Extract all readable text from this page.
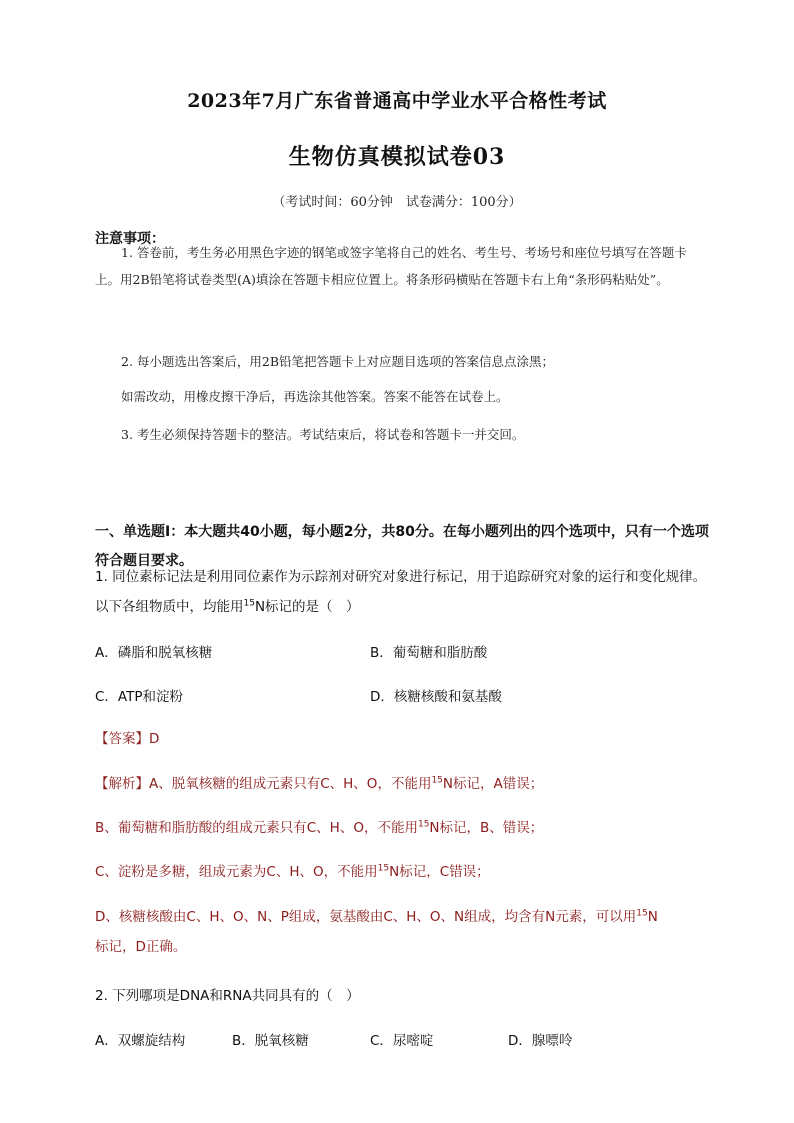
2023年7月广东省普通高中学业水平合格性考试
生物仿真模拟试卷03
（考试时间：60分钟　试卷满分：100分）
注意事项：
1. 答卷前，考生务必用黑色字迹的钢笔或签字笔将自己的姓名、考生号、考场号和座位号填写在答题卡上。用2B铅笔将试卷类型(A)填涂在答题卡相应位置上。将条形码横贴在答题卡右上角“条形码粘贴处”。
2. 每小题选出答案后，用2B铅笔把答题卡上对应题目选项的答案信息点涂黑；
如需改动，用橡皮擦干净后，再选涂其他答案。答案不能答在试卷上。
3. 考生必须保持答题卡的整洁。考试结束后，将试卷和答题卡一并交回。
一、单选题Ⅰ：本大题共40小题，每小题2分，共80分。在每小题列出的四个选项中，只有一个选项符合题目要求。
1. 同位素标记法是利用同位素作为示踪剂对研究对象进行标记，用于追踪研究对象的运行和变化规律。以下各组物质中，均能用$^{15}$N标记的是（　）
A．磷脂和脱氧核糖	B．葡萄糖和脂肪酸
C．ATP和淀粉	D．核糖核酸和氨基酸
【答案】D
【解析】A、脱氧核糖的组成元素只有C、H、O，不能用$^{15}$N标记，A错误；
B、葡萄糖和脂肪酸的组成元素只有C、H、O，不能用$^{15}$N标记，B、错误；
C、淀粉是多糖，组成元素为C、H、O，不能用$^{15}$N标记，C错误；
D、核糖核酸由C、H、O、N、P组成，氨基酸由C、H、O、N组成，均含有N元素，可以用$^{15}$N
标记，D正确。
2. 下列哪项是DNA和RNA共同具有的（　）
A．双螺旋结构	B．脱氧核糖	C．尿嘧啶	D．腺嘌呤
